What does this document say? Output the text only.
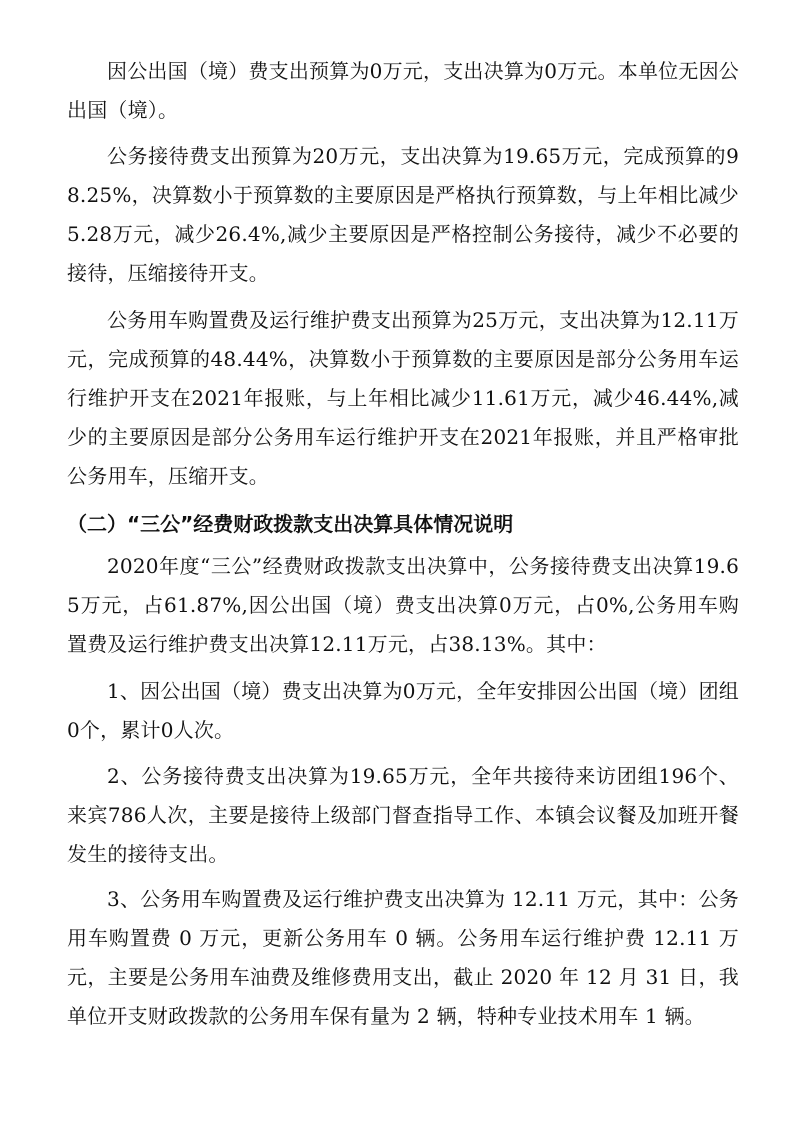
因公出国（境）费支出预算为0万元，支出决算为0万元。本单位无因公出国（境）。

公务接待费支出预算为20万元，支出决算为19.65万元，完成预算的98.25%，决算数小于预算数的主要原因是严格执行预算数，与上年相比减少5.28万元，减少26.4%,减少主要原因是严格控制公务接待，减少不必要的接待，压缩接待开支。

公务用车购置费及运行维护费支出预算为25万元，支出决算为12.11万元，完成预算的48.44%，决算数小于预算数的主要原因是部分公务用车运行维护开支在2021年报账，与上年相比减少11.61万元，减少46.44%,减少的主要原因是部分公务用车运行维护开支在2021年报账，并且严格审批公务用车，压缩开支。

（二）“三公”经费财政拨款支出决算具体情况说明

2020年度“三公”经费财政拨款支出决算中，公务接待费支出决算19.65万元，占61.87%,因公出国（境）费支出决算0万元，占0%,公务用车购置费及运行维护费支出决算12.11万元，占38.13%。其中：

1、因公出国（境）费支出决算为0万元，全年安排因公出国（境）团组0个，累计0人次。

2、公务接待费支出决算为19.65万元，全年共接待来访团组196个、来宾786人次，主要是接待上级部门督查指导工作、本镇会议餐及加班开餐发生的接待支出。

3、公务用车购置费及运行维护费支出决算为 12.11 万元，其中：公务用车购置费 0 万元，更新公务用车 0 辆。公务用车运行维护费 12.11 万元，主要是公务用车油费及维修费用支出，截止 2020 年 12 月 31 日，我单位开支财政拨款的公务用车保有量为 2 辆，特种专业技术用车 1 辆。
